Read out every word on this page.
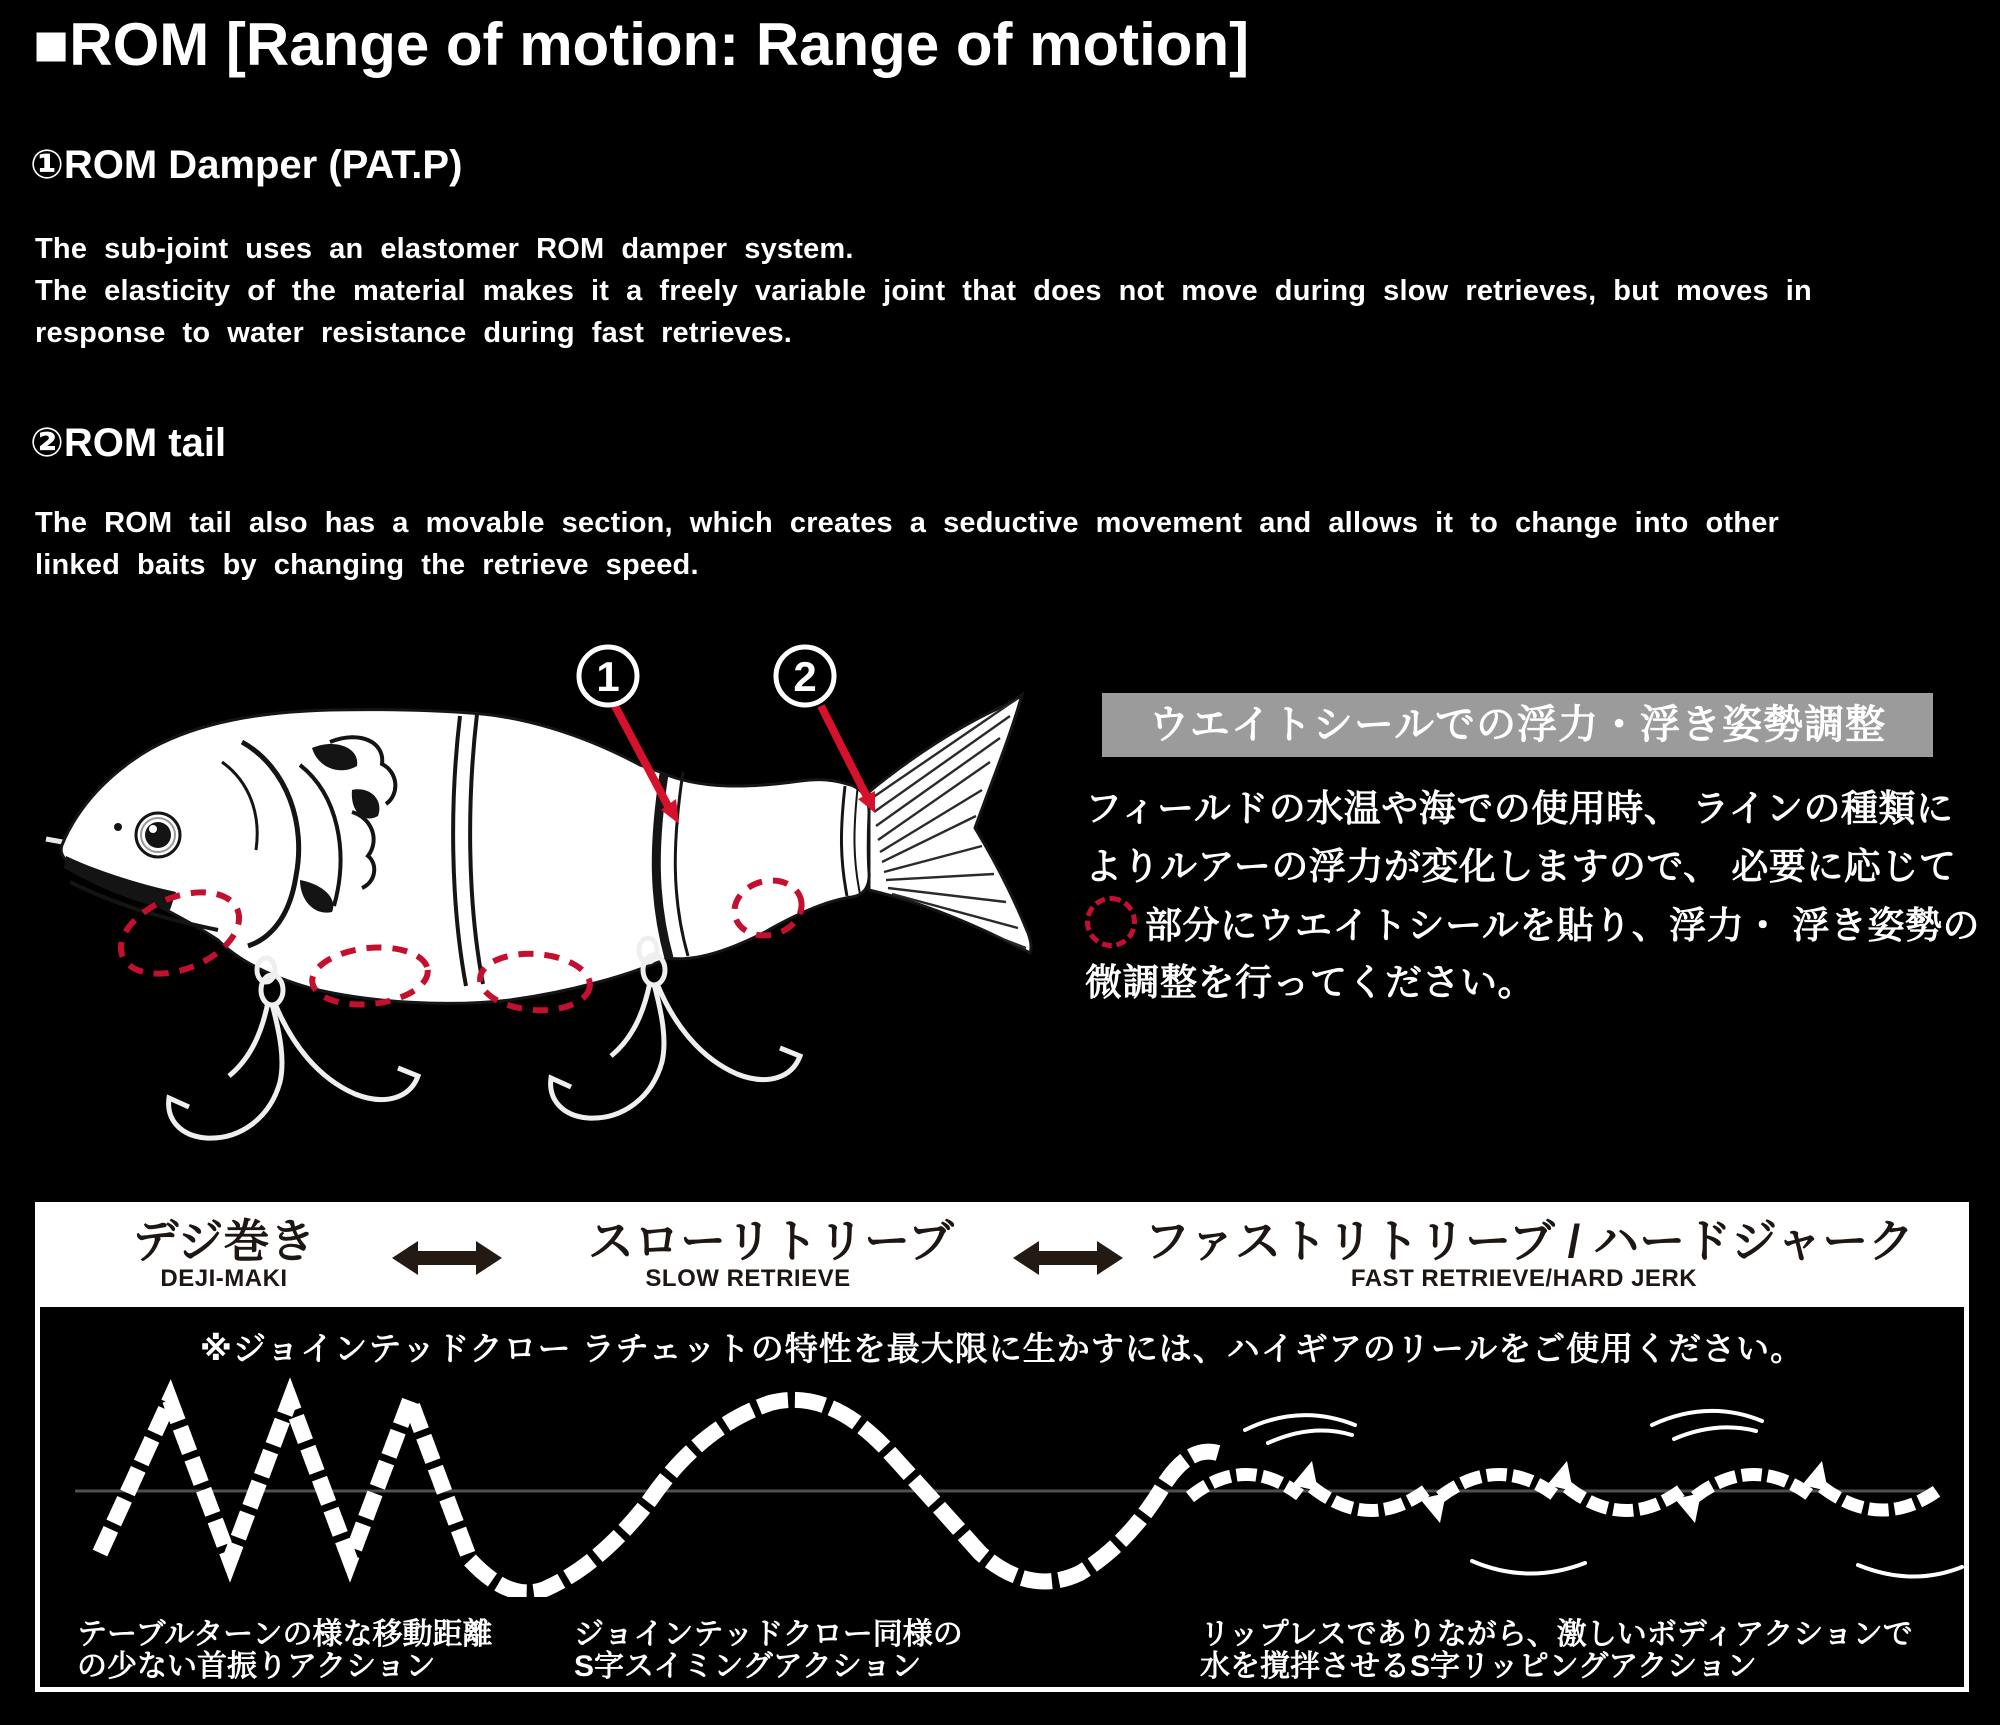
■ROM [Range of motion: Range of motion]
①ROM Damper (PAT.P)
The sub-joint uses an elastomer ROM damper system.
The elasticity of the material makes it a freely variable joint that does not move during slow retrieves, but moves in
response to water resistance during fast retrieves.
②ROM tail
The ROM tail also has a movable section, which creates a seductive movement and allows it to change into other
linked baits by changing the retrieve speed.
1	2
ウエイトシールでの浮力・浮き姿勢調整
フィールドの水温や海での使用時、 ラインの種類に
よりルアーの浮力が変化しますので、 必要に応じて
部分にウエイトシールを貼り、浮力・ 浮き姿勢の
微調整を行ってください。
デジ巻き
DEJI-MAKI
スローリトリーブ
SLOW RETRIEVE
ファストリトリーブ / ハードジャーク
FAST RETRIEVE/HARD JERK
※ジョインテッドクロー ラチェットの特性を最大限に生かすには、ハイギアのリールをご使用ください。
テーブルターンの様な移動距離
の少ない首振りアクション
ジョインテッドクロー同様の
S字スイミングアクション
リップレスでありながら、激しいボディアクションで
水を撹拌させるS字リッピングアクション
